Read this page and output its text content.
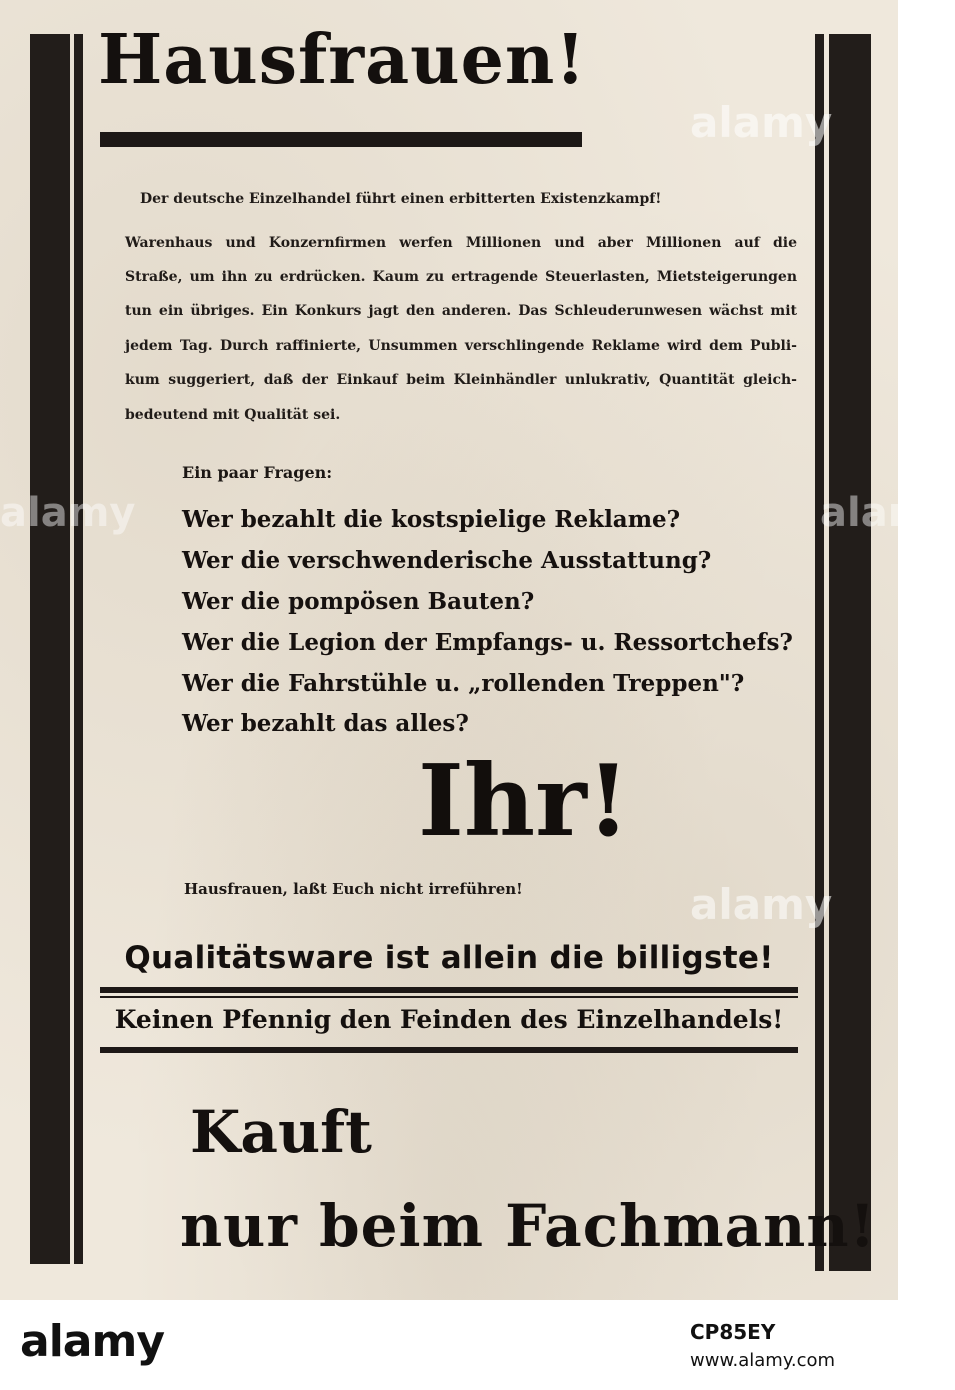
Hausfrauen!
Der deutsche Einzelhandel führt einen erbitterten Existenzkampf!
Warenhaus und Konzernfirmen werfen Millionen und aber Millionen auf die
Straße, um ihn zu erdrücken. Kaum zu ertragende Steuerlasten, Mietsteigerungen
tun ein übriges. Ein Konkurs jagt den anderen. Das Schleuderunwesen wächst mit
jedem Tag. Durch raffinierte, Unsummen verschlingende Reklame wird dem Publi-
kum suggeriert, daß der Einkauf beim Kleinhändler unlukrativ, Quantität gleich-
bedeutend mit Qualität sei.
Ein paar Fragen:
Wer bezahlt die kostspielige Reklame?
Wer die verschwenderische Ausstattung?
Wer die pompösen Bauten?
Wer die Legion der Empfangs- u. Ressortchefs?
Wer die Fahrstühle u. „rollenden Treppen"?
Wer bezahlt das alles?
Ihr!
Hausfrauen, laßt Euch nicht irreführen!
Qualitätsware ist allein die billigste!
Keinen Pfennig den Feinden des Einzelhandels!
Kauft
nur beim Fachmann!
alamy
alamy
alamy	alamy
alamy	CP85EY
www.alamy.com
